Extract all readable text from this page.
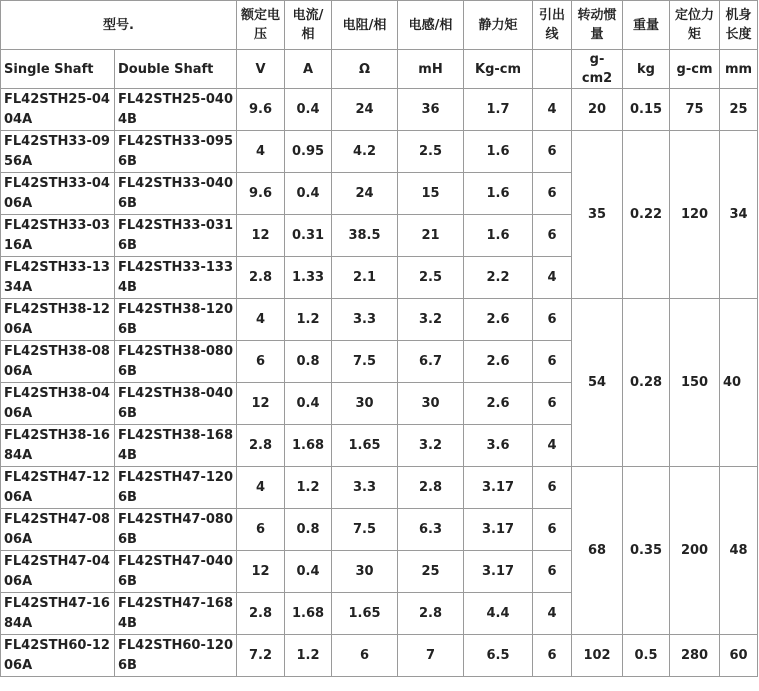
型号.		额定电压	电流/相	电阻/相	电感/相	静力矩	引出线	转动惯量	重量	定位力矩	机身长度
Single Shaft	Double Shaft	V	A	Ω	mH	Kg-cm		g-cm2	kg	g-cm	mm
FL42STH25-0404A	FL42STH25-0404B	9.6	0.4	24	36	1.7	4	20	0.15	75	25
FL42STH33-0956A	FL42STH33-0956B	4	0.95	4.2	2.5	1.6	6	35	0.22	120	34
FL42STH33-0406A	FL42STH33-0406B	9.6	0.4	24	15	1.6	6				
FL42STH33-0316A	FL42STH33-0316B	12	0.31	38.5	21	1.6	6				
FL42STH33-1334A	FL42STH33-1334B	2.8	1.33	2.1	2.5	2.2	4				
FL42STH38-1206A	FL42STH38-1206B	4	1.2	3.3	3.2	2.6	6	54	0.28	150	40
FL42STH38-0806A	FL42STH38-0806B	6	0.8	7.5	6.7	2.6	6				
FL42STH38-0406A	FL42STH38-0406B	12	0.4	30	30	2.6	6				
FL42STH38-1684A	FL42STH38-1684B	2.8	1.68	1.65	3.2	3.6	4				
FL42STH47-1206A	FL42STH47-1206B	4	1.2	3.3	2.8	3.17	6	68	0.35	200	48
FL42STH47-0806A	FL42STH47-0806B	6	0.8	7.5	6.3	3.17	6				
FL42STH47-0406A	FL42STH47-0406B	12	0.4	30	25	3.17	6				
FL42STH47-1684A	FL42STH47-1684B	2.8	1.68	1.65	2.8	4.4	4				
FL42STH60-1206A	FL42STH60-1206B	7.2	1.2	6	7	6.5	6	102	0.5	280	60
